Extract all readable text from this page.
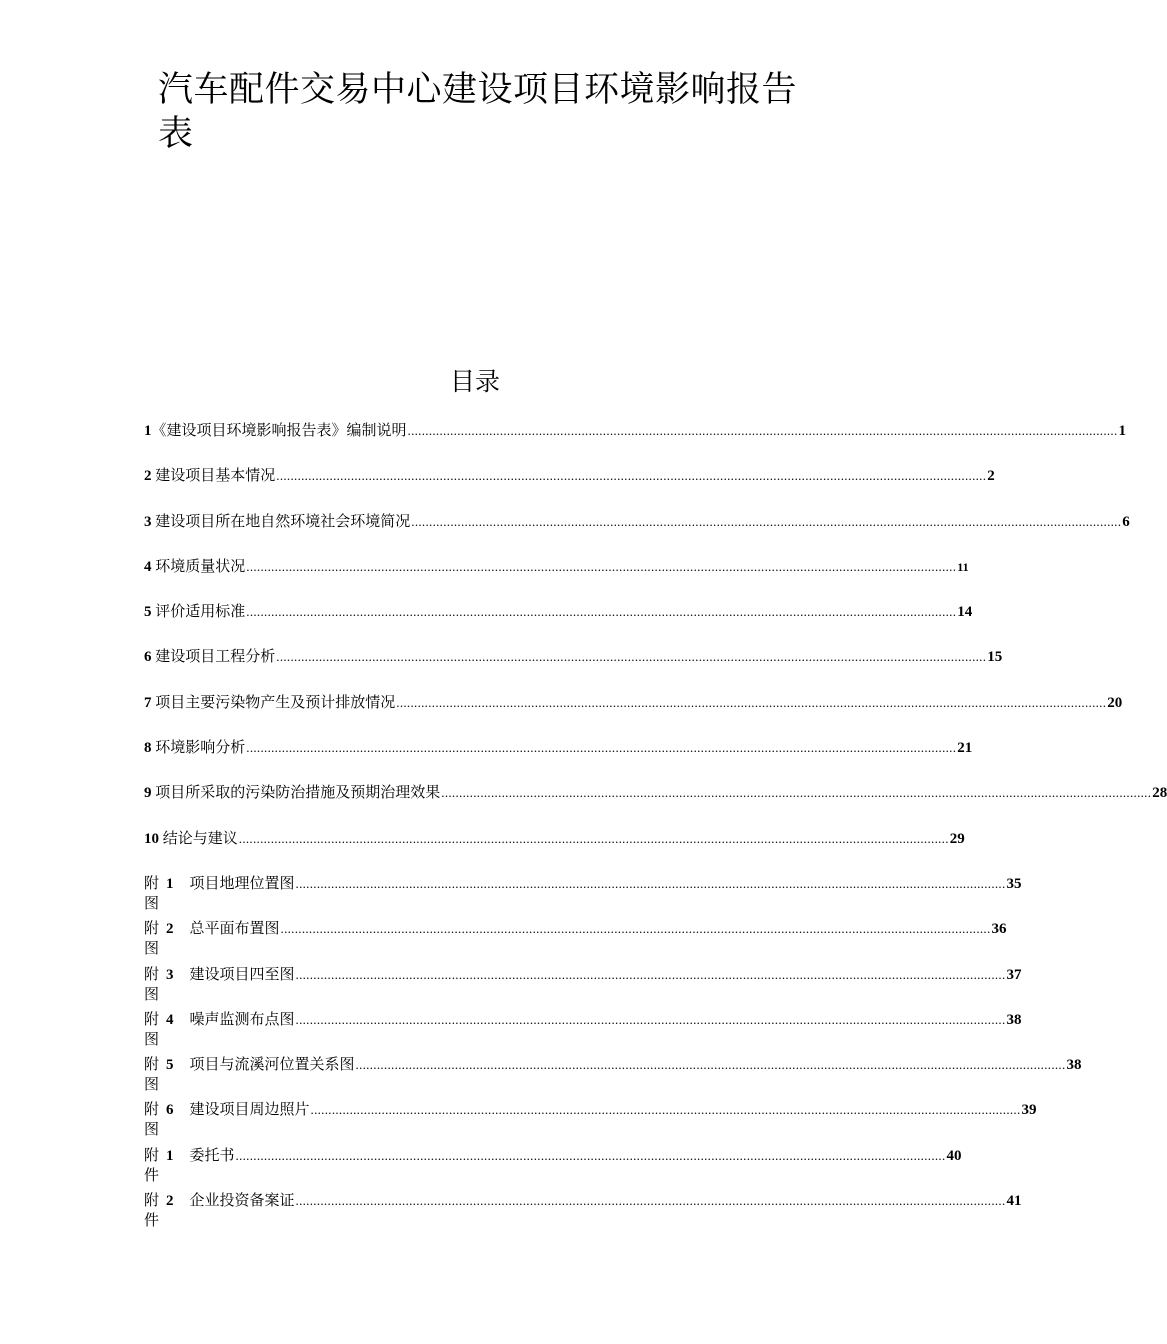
汽车配件交易中心建设项目环境影响报告表
目录
1 《建设项目环境影响报告表》编制说明 ........................................................................................................................................................................................................ 1
2 建设项目基本情况 ........................................................................................................................................................................................................ 2
3 建设项目所在地自然环境社会环境简况 ........................................................................................................................................................................................................ 6
4 环境质量状况 ........................................................................................................................................................................................................ 11
5 评价适用标准 ........................................................................................................................................................................................................ 14
6 建设项目工程分析 ........................................................................................................................................................................................................ 15
7 项目主要污染物产生及预计排放情况 ........................................................................................................................................................................................................ 20
8 环境影响分析 ........................................................................................................................................................................................................ 21
9 项目所采取的污染防治措施及预期治理效果 ........................................................................................................................................................................................................ 28
10 结论与建议 ........................................................................................................................................................................................................ 29
附图
1 项目地理位置图 ........................................................................................................................................................................................................ 35
附图
2 总平面布置图 ........................................................................................................................................................................................................ 36
附图
3 建设项目四至图 ........................................................................................................................................................................................................ 37
附图
4 噪声监测布点图 ........................................................................................................................................................................................................ 38
附图
5 项目与流溪河位置关系图 ........................................................................................................................................................................................................ 38
附图
6 建设项目周边照片 ........................................................................................................................................................................................................ 39
附件
1 委托书 ........................................................................................................................................................................................................ 40
附件
2 企业投资备案证 ........................................................................................................................................................................................................ 41
